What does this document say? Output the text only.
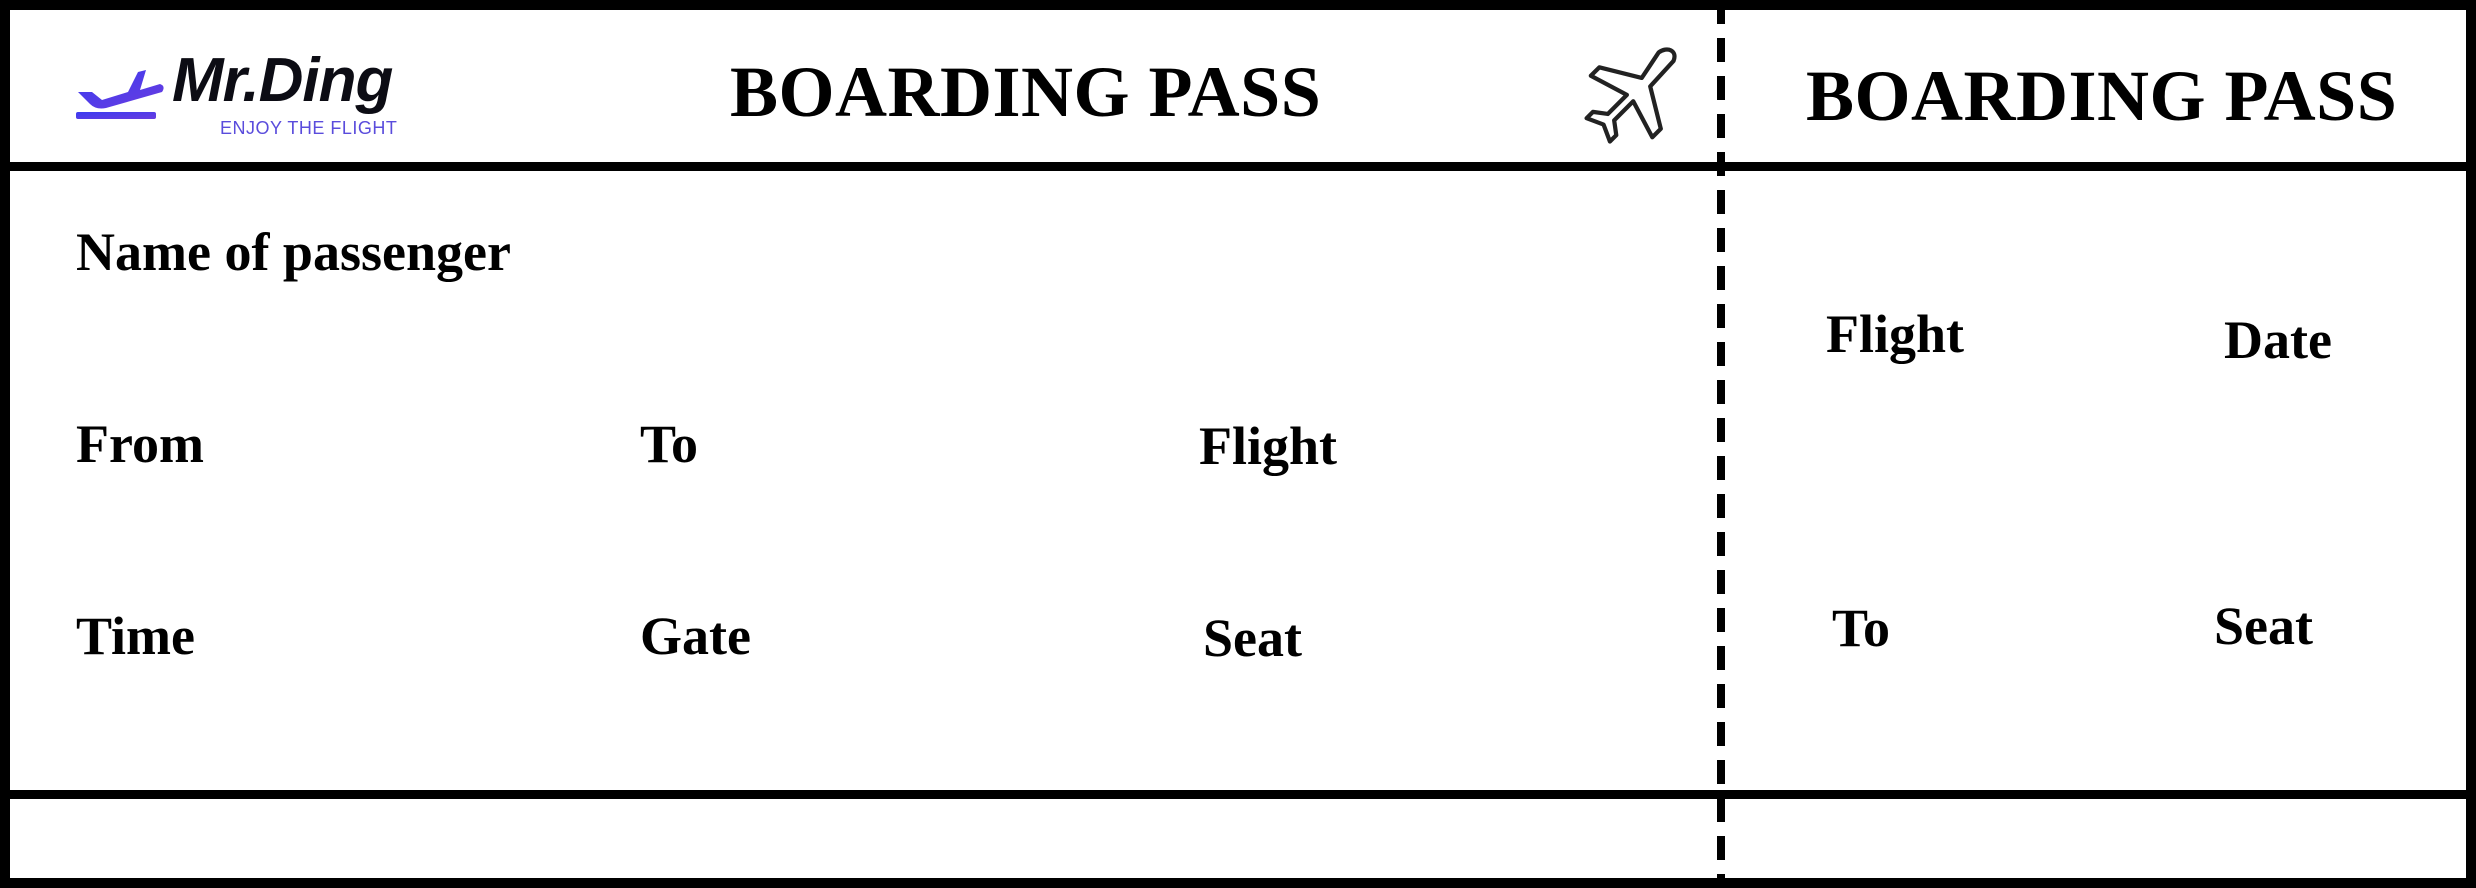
Mr.Ding
ENJOY THE FLIGHT	BOARDING PASS	BOARDING PASS
Name of passenger
From	To	Flight
Time	Gate	Seat
Flight	Date
To	Seat
